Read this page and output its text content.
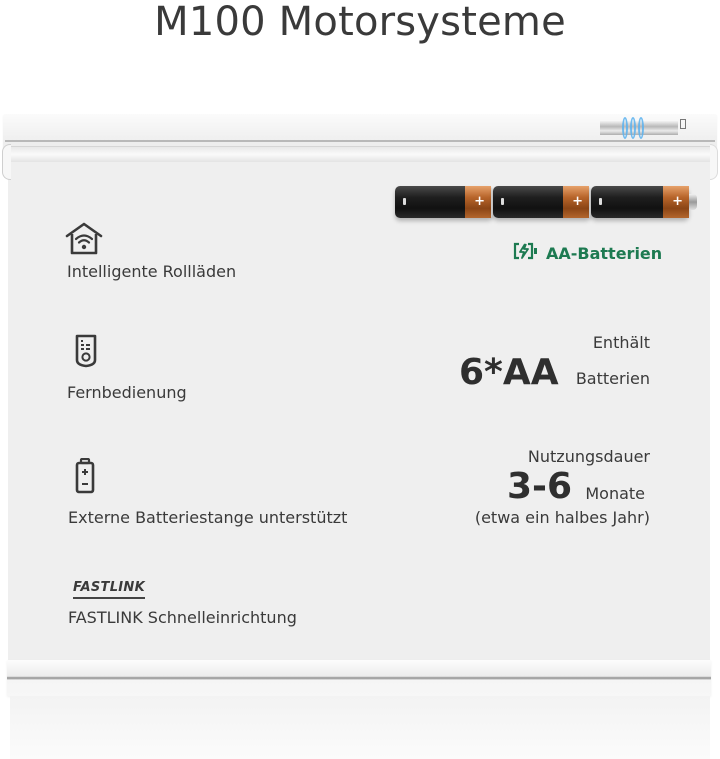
M100 Motorsysteme
+	+	+
AA-Batterien
Intelligente Rollläden
Fernbedienung
Externe Batteriestange unterstützt
FASTLINK
FASTLINK Schnelleinrichtung
Enthält
6*AA Batterien
Nutzungsdauer
3-6 Monate
(etwa ein halbes Jahr)
